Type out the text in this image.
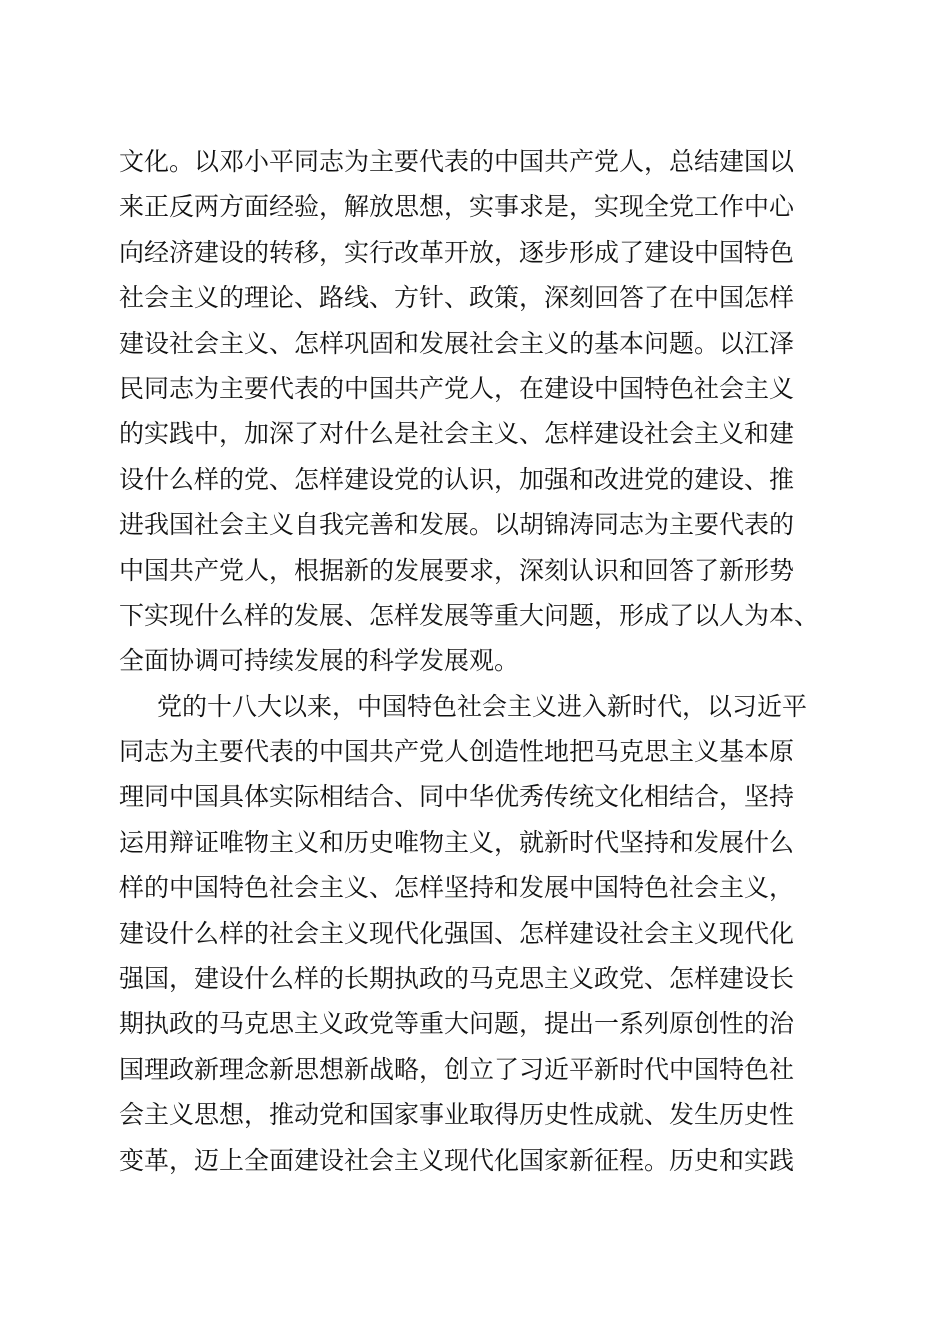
文化。以邓小平同志为主要代表的中国共产党人，总结建国以
来正反两方面经验，解放思想，实事求是，实现全党工作中心
向经济建设的转移，实行改革开放，逐步形成了建设中国特色
社会主义的理论、路线、方针、政策，深刻回答了在中国怎样
建设社会主义、怎样巩固和发展社会主义的基本问题。以江泽
民同志为主要代表的中国共产党人，在建设中国特色社会主义
的实践中，加深了对什么是社会主义、怎样建设社会主义和建
设什么样的党、怎样建设党的认识，加强和改进党的建设、推
进我国社会主义自我完善和发展。以胡锦涛同志为主要代表的
中国共产党人，根据新的发展要求，深刻认识和回答了新形势
下实现什么样的发展、怎样发展等重大问题，形成了以人为本、
全面协调可持续发展的科学发展观。
党的十八大以来，中国特色社会主义进入新时代，以习近平
同志为主要代表的中国共产党人创造性地把马克思主义基本原
理同中国具体实际相结合、同中华优秀传统文化相结合，坚持
运用辩证唯物主义和历史唯物主义，就新时代坚持和发展什么
样的中国特色社会主义、怎样坚持和发展中国特色社会主义，
建设什么样的社会主义现代化强国、怎样建设社会主义现代化
强国，建设什么样的长期执政的马克思主义政党、怎样建设长
期执政的马克思主义政党等重大问题，提出一系列原创性的治
国理政新理念新思想新战略，创立了习近平新时代中国特色社
会主义思想，推动党和国家事业取得历史性成就、发生历史性
变革，迈上全面建设社会主义现代化国家新征程。历史和实践
